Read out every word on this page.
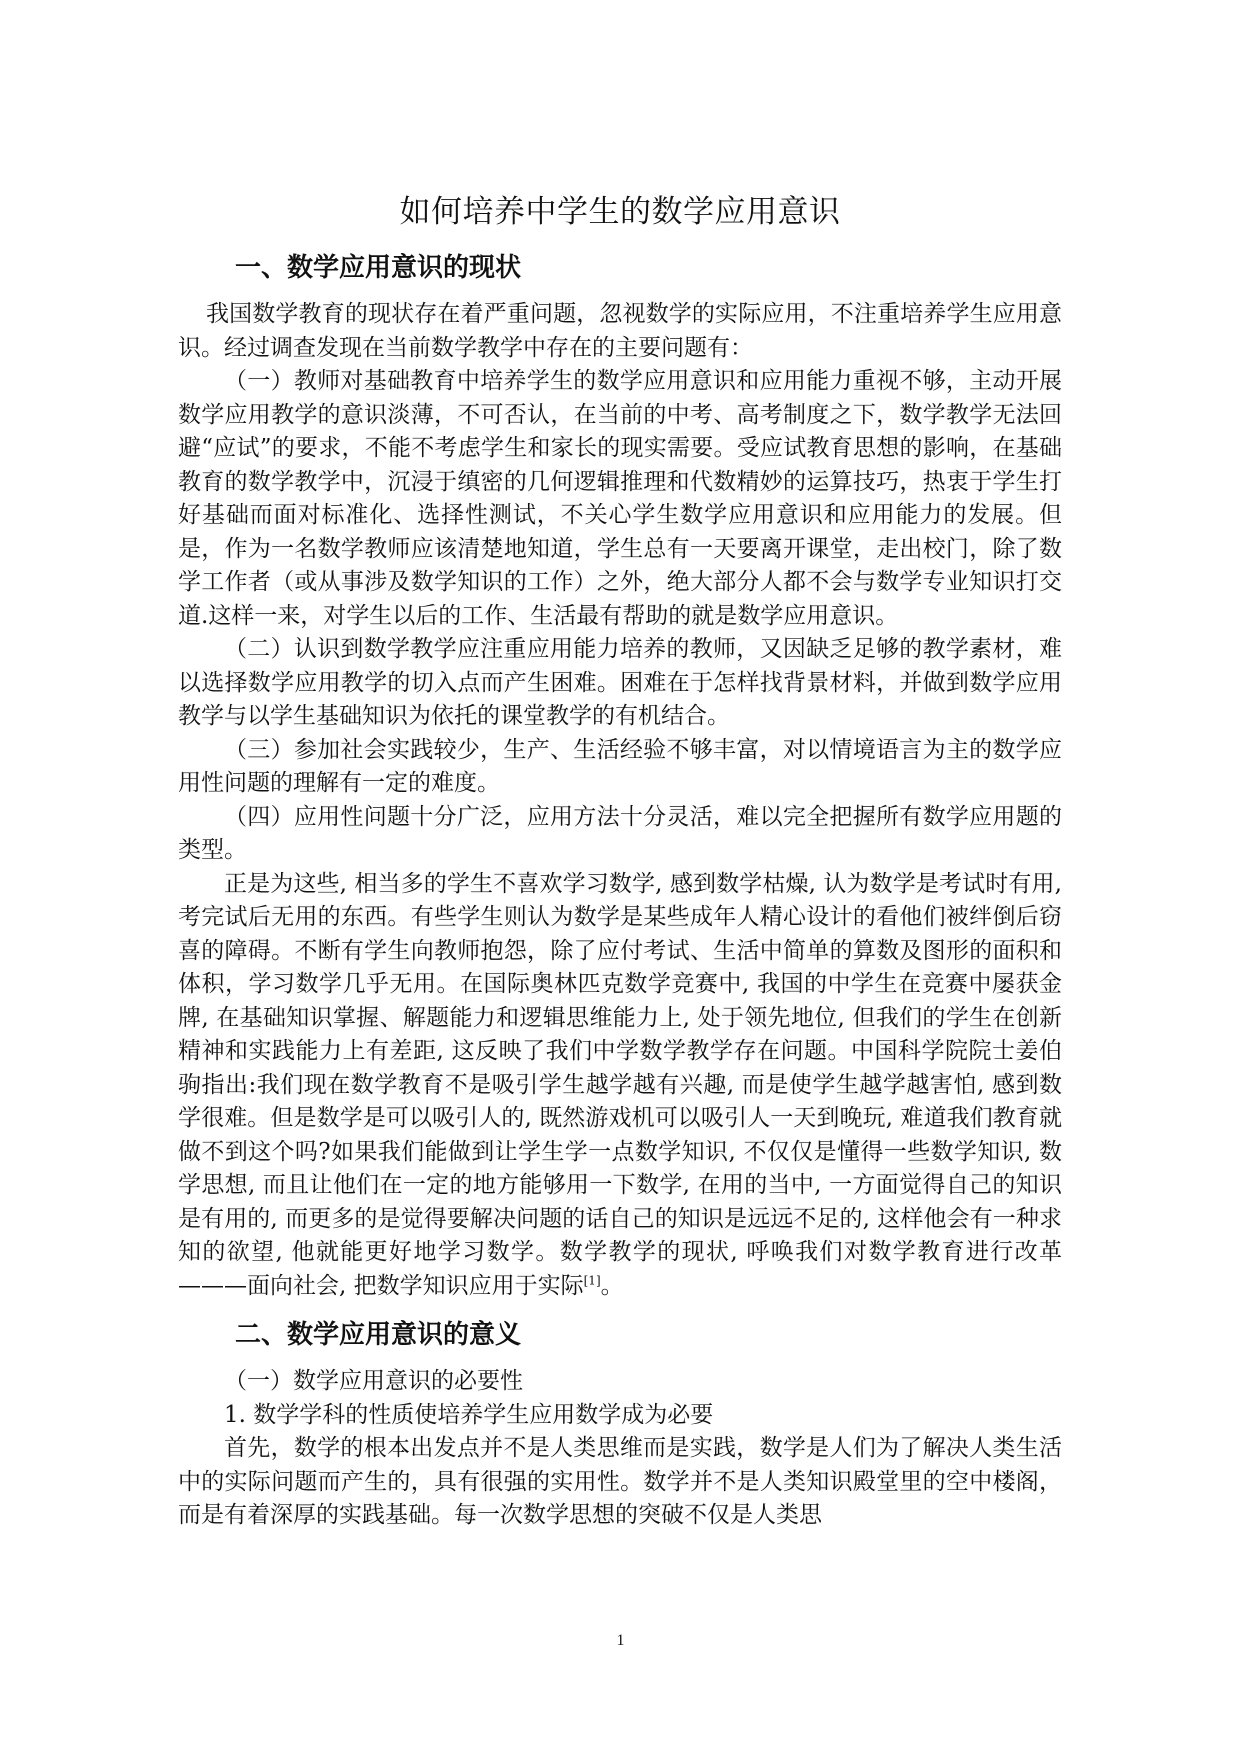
如何培养中学生的数学应用意识
一、数学应用意识的现状

我国数学教育的现状存在着严重问题，忽视数学的实际应用，不注重培养学生应用意识。经过调查发现在当前数学教学中存在的主要问题有：

（一）教师对基础教育中培养学生的数学应用意识和应用能力重视不够，主动开展数学应用教学的意识淡薄，不可否认，在当前的中考、高考制度之下，数学教学无法回避“应试”的要求，不能不考虑学生和家长的现实需要。受应试教育思想的影响，在基础教育的数学教学中，沉浸于缜密的几何逻辑推理和代数精妙的运算技巧，热衷于学生打好基础而面对标准化、选择性测试，不关心学生数学应用意识和应用能力的发展。但是，作为一名数学教师应该清楚地知道，学生总有一天要离开课堂，走出校门，除了数学工作者（或从事涉及数学知识的工作）之外，绝大部分人都不会与数学专业知识打交道.这样一来，对学生以后的工作、生活最有帮助的就是数学应用意识。

（二）认识到数学教学应注重应用能力培养的教师，又因缺乏足够的教学素材，难以选择数学应用教学的切入点而产生困难。困难在于怎样找背景材料，并做到数学应用教学与以学生基础知识为依托的课堂教学的有机结合。

（三）参加社会实践较少，生产、生活经验不够丰富，对以情境语言为主的数学应用性问题的理解有一定的难度。

（四）应用性问题十分广泛，应用方法十分灵活，难以完全把握所有数学应用题的类型。

正是为这些, 相当多的学生不喜欢学习数学, 感到数学枯燥, 认为数学是考试时有用, 考完试后无用的东西。有些学生则认为数学是某些成年人精心设计的看他们被绊倒后窃喜的障碍。不断有学生向教师抱怨，除了应付考试、生活中简单的算数及图形的面积和体积，学习数学几乎无用。在国际奥林匹克数学竞赛中, 我国的中学生在竞赛中屡获金牌, 在基础知识掌握、解题能力和逻辑思维能力上, 处于领先地位, 但我们的学生在创新精神和实践能力上有差距, 这反映了我们中学数学教学存在问题。中国科学院院士姜伯驹指出:我们现在数学教育不是吸引学生越学越有兴趣, 而是使学生越学越害怕, 感到数学很难。但是数学是可以吸引人的, 既然游戏机可以吸引人一天到晚玩, 难道我们教育就做不到这个吗?如果我们能做到让学生学一点数学知识, 不仅仅是懂得一些数学知识, 数学思想, 而且让他们在一定的地方能够用一下数学, 在用的当中, 一方面觉得自己的知识是有用的, 而更多的是觉得要解决问题的话自己的知识是远远不足的, 这样他会有一种求知的欲望, 他就能更好地学习数学。数学教学的现状, 呼唤我们对数学教育进行改革———面向社会, 把数学知识应用于实际[1]。

二、数学应用意识的意义

（一）数学应用意识的必要性

1. 数学学科的性质使培养学生应用数学成为必要

首先，数学的根本出发点并不是人类思维而是实践，数学是人们为了解决人类生活中的实际问题而产生的，具有很强的实用性。数学并不是人类知识殿堂里的空中楼阁，而是有着深厚的实践基础。每一次数学思想的突破不仅是人类思

1
